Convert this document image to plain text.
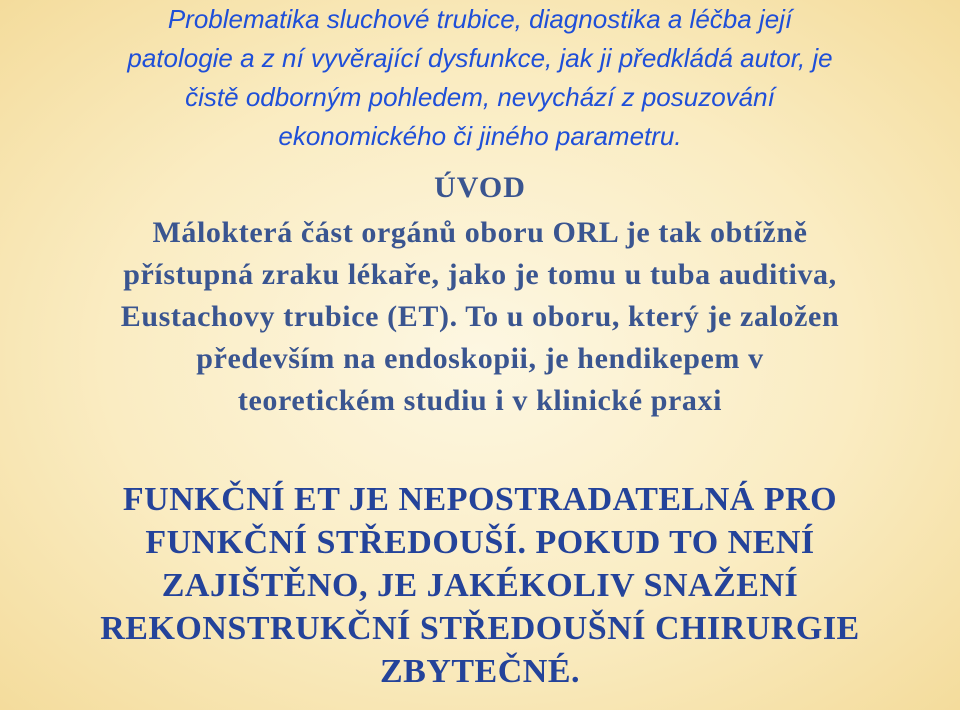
Problematika sluchové trubice, diagnostika a léčba její
patologie a z ní vyvěrající dysfunkce, jak ji předkládá autor, je
čistě odborným pohledem, nevychází z posuzování
ekonomického či jiného parametru.
ÚVOD
Málokterá část orgánů oboru ORL je tak obtížně
přístupná zraku lékaře, jako je tomu u tuba auditiva,
Eustachovy trubice (ET). To u oboru, který je založen
především na endoskopii, je hendikepem v
teoretickém studiu i v klinické praxi
FUNKČNÍ ET JE NEPOSTRADATELNÁ PRO
FUNKČNÍ STŘEDOUŠÍ. POKUD TO NENÍ
ZAJIŠTĚNO, JE JAKÉKOLIV SNAŽENÍ
REKONSTRUKČNÍ STŘEDOUŠNÍ CHIRURGIE
ZBYTEČNÉ.
